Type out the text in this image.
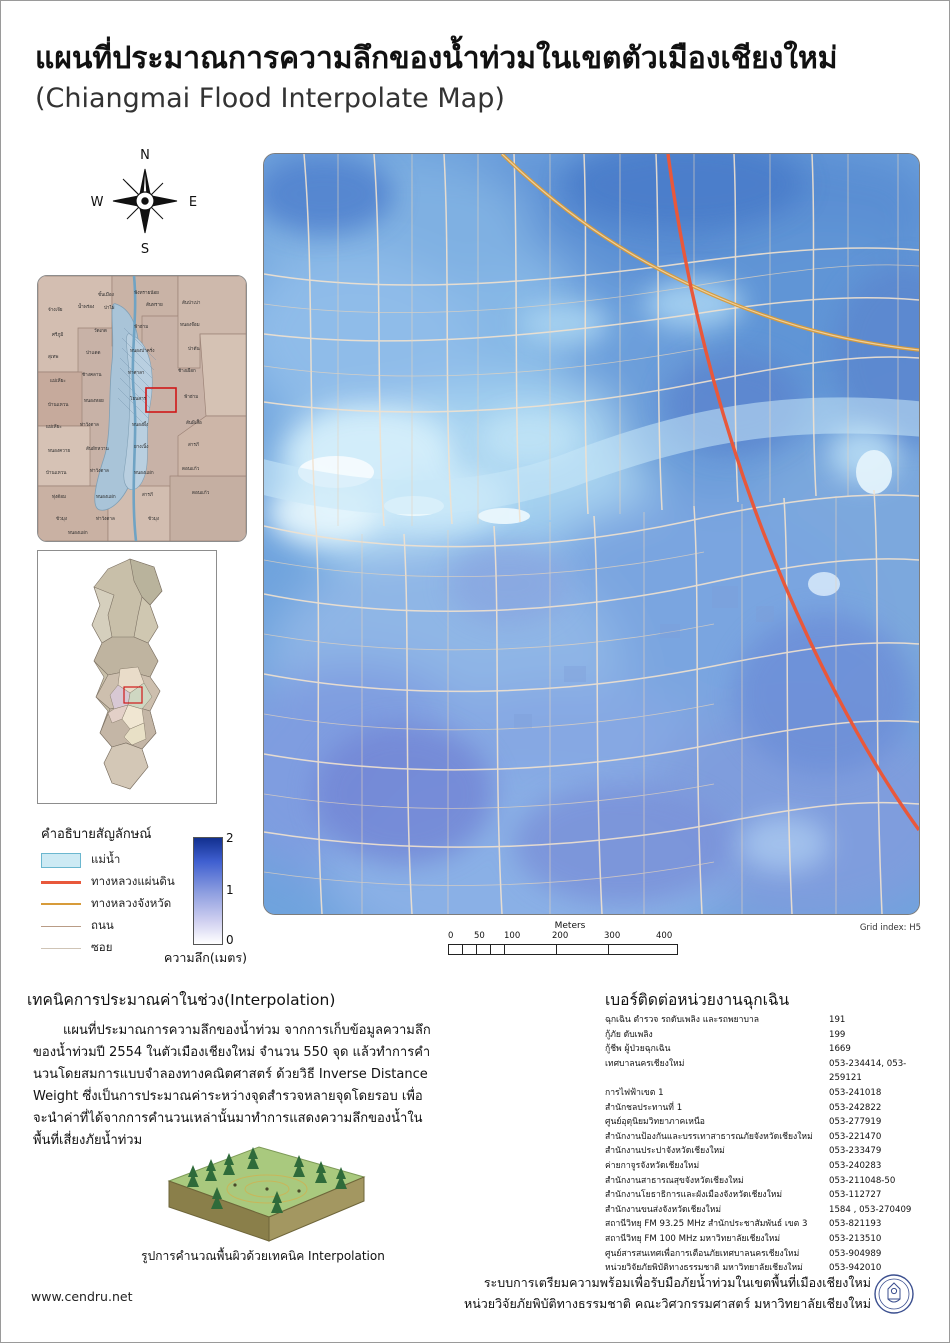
แผนที่ประมาณการความลึกของน้ำท่วมในเขตตัวเมืองเชียงใหม่
(Chiangmai Flood Interpolate Map)
N
S
E
W
จ้างเจีย
ขั้นเมือง	ฟังทรายน้อย
น้ำพร่อง ป่าไผ่
สันทราย	สันป่าเปา
ศรีภูมิ
วัดเกต
ฟ้าฮ่าม	หนองจ๊อม
สุเทพ
ป่าแดด	หนองป่าครั่ง	ป่าตัน
แม่เหียะ
ช้างคลาน	ท่าศาลา	ช้างเผือก
บ้านแหวน
หนองหอย	โยนสาร	ฟ้าฮ่าม
แม่เหียะ	ท่าวังตาล	หนองผึ้ง	สันผีเสื้อ
หนองควาย	สันผักหวาน	ยางเนิ้ง	สารภี
บ้านแหวน	ท่าวังตาล	หนองแฝก
ดอนแก้ว
ทุ่งต้อม	หนองแฝก	สารภี	ดอนแก้ว
ขัวมุง	ท่าวังตาล	ขัวมุง
หนองแฝก
คำอธิบายสัญลักษณ์
แม่น้ำ
ทางหลวงแผ่นดิน
ทางหลวงจังหวัด
ถนน
ซอย
2
1
0
ความลึก(เมตร)
Grid index: H5
Meters
0 50 100	200	300	400
เทคนิคการประมาณค่าในช่วง(Interpolation)
แผนที่ประมาณการความลึกของน้ำท่วม จากการเก็บข้อมูลความลึกของน้ำท่วมปี 2554 ในตัวเมืองเชียงใหม่ จำนวน 550 จุด แล้วทำการคำนวนโดยสมการแบบจำลองทางคณิตศาสตร์ ด้วยวิธี Inverse Distance Weight ซึ่งเป็นการประมาณค่าระหว่างจุดสำรวจหลายจุดโดยรอบ เพื่อจะนำค่าที่ได้จากการคำนวนเหล่านั้นมาทำการแสดงความลึกของน้ำในพื้นที่เสี่ยงภัยน้ำท่วม
รูปการคำนวณพื้นผิวด้วยเทคนิค Interpolation
www.cendru.net
เบอร์ติดต่อหน่วยงานฉุกเฉิน
ฉุกเฉิน ตำรวจ รถดับเพลิง และรถพยาบาล	191
กู้ภัย ดับเพลิง	199
กู้ชีพ ผู้ป่วยฉุกเฉิน	1669
เทศบาลนครเชียงใหม่	053-234414, 053-259121
การไฟฟ้าเขต 1	053-241018
สำนักชลประทานที่ 1	053-242822
ศูนย์อุตุนิยมวิทยาภาคเหนือ	053-277919
สำนักงานป้องกันและบรรเทาสาธารณภัยจังหวัดเชียงใหม่	053-221470
สำนักงานประปาจังหวัดเชียงใหม่	053-233479
ค่ายกาจูรจังหวัดเชียงใหม่	053-240283
สำนักงานสาธารณสุขจังหวัดเชียงใหม่	053-211048-50
สำนักงานโยธาธิการและผังเมืองจังหวัดเชียงใหม่	053-112727
สำนักงานขนส่งจังหวัดเชียงใหม่	1584 , 053-270409
สถานีวิทยุ FM 93.25 MHz สำนักประชาสัมพันธ์ เขต 3	053-821193
สถานีวิทยุ FM 100 MHz มหาวิทยาลัยเชียงใหม่	053-213510
ศูนย์สารสนเทศเพื่อการเตือนภัยเทศบาลนครเชียงใหม่	053-904989
หน่วยวิจัยภัยพิบัติทางธรรมชาติ มหาวิทยาลัยเชียงใหม่	053-942010
ระบบการเตรียมความพร้อมเพื่อรับมือภัยน้ำท่วมในเขตพื้นที่เมืองเชียงใหม่
หน่วยวิจัยภัยพิบัติทางธรรมชาติ คณะวิศวกรรมศาสตร์ มหาวิทยาลัยเชียงใหม่
